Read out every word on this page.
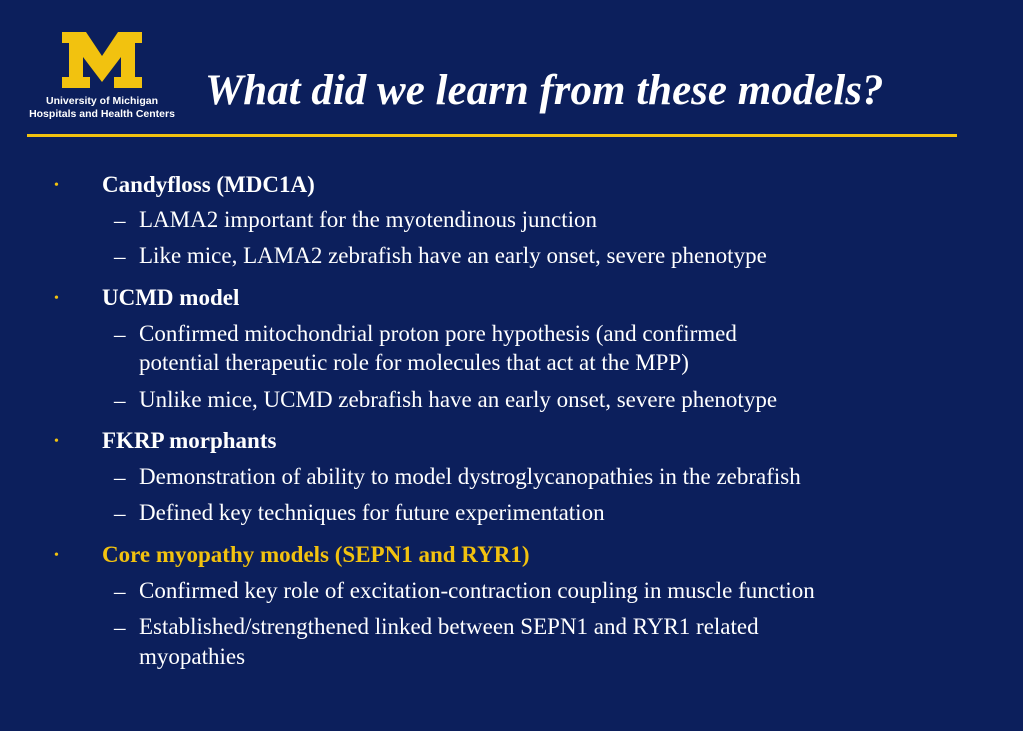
University of Michigan
Hospitals and Health Centers What did we learn from these models?
• Candyfloss (MDC1A)
– LAMA2 important for the myotendinous junction
– Like mice, LAMA2 zebrafish have an early onset, severe phenotype
• UCMD model
– Confirmed mitochondrial proton pore hypothesis (and confirmed
potential therapeutic role for molecules that act at the MPP)
– Unlike mice, UCMD zebrafish have an early onset, severe phenotype
• FKRP morphants
– Demonstration of ability to model dystroglycanopathies in the zebrafish
– Defined key techniques for future experimentation
• Core myopathy models (SEPN1 and RYR1)
– Confirmed key role of excitation-contraction coupling in muscle function
– Established/strengthened linked between SEPN1 and RYR1 related
myopathies
